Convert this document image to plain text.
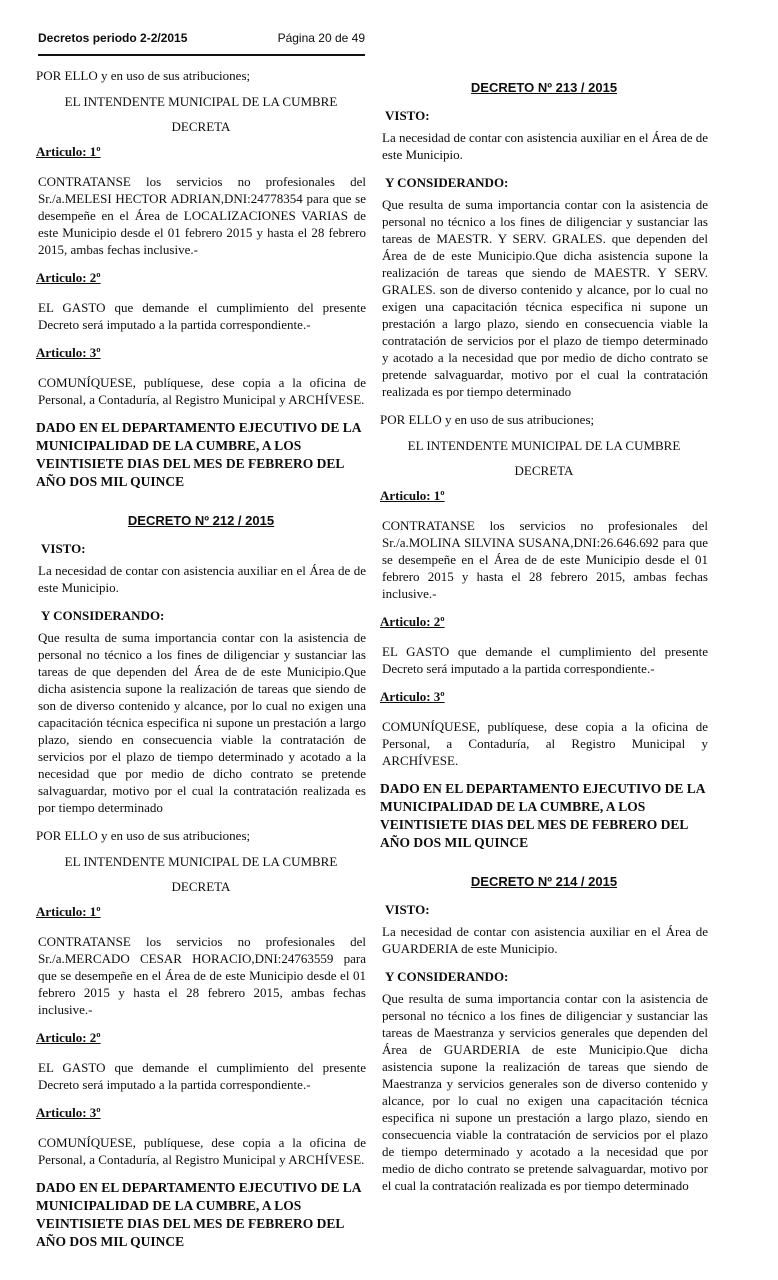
Decretos periodo 2-2/2015	Página 20 de 49
POR ELLO y en uso de sus atribuciones;
EL INTENDENTE MUNICIPAL DE LA CUMBRE
DECRETA
Articulo: 1º
CONTRATANSE los servicios no profesionales del Sr./a.MELESI HECTOR ADRIAN,DNI:24778354 para que se desempeñe en el Área de LOCALIZACIONES VARIAS de este Municipio desde el 01 febrero 2015 y hasta el 28 febrero 2015, ambas fechas inclusive.-
Articulo: 2º
EL GASTO que demande el cumplimiento del presente Decreto será imputado a la partida correspondiente.-
Articulo: 3º
COMUNÍQUESE, publíquese, dese copia a la oficina de Personal, a Contaduría, al Registro Municipal y ARCHÍVESE.
DADO EN EL DEPARTAMENTO EJECUTIVO DE LA MUNICIPALIDAD DE LA CUMBRE, A LOS VEINTISIETE DIAS DEL MES DE FEBRERO DEL AÑO DOS MIL QUINCE
DECRETO Nº 212 / 2015
VISTO:
La necesidad de contar con asistencia auxiliar en el Área de de este Municipio.
Y CONSIDERANDO:
Que resulta de suma importancia contar con la asistencia de personal no técnico a los fines de diligenciar y sustanciar las tareas de que dependen del Área de de este Municipio.Que dicha asistencia supone la realización de tareas que siendo de son de diverso contenido y alcance, por lo cual no exigen una capacitación técnica especifica ni supone un prestación a largo plazo, siendo en consecuencia viable la contratación de servicios por el plazo de tiempo determinado y acotado a la necesidad que por medio de dicho contrato se pretende salvaguardar, motivo por el cual la contratación realizada es por tiempo determinado
POR ELLO y en uso de sus atribuciones;
EL INTENDENTE MUNICIPAL DE LA CUMBRE
DECRETA
Articulo: 1º
CONTRATANSE los servicios no profesionales del Sr./a.MERCADO CESAR HORACIO,DNI:24763559 para que se desempeñe en el Área de de este Municipio desde el 01 febrero 2015 y hasta el 28 febrero 2015, ambas fechas inclusive.-
Articulo: 2º
EL GASTO que demande el cumplimiento del presente Decreto será imputado a la partida correspondiente.-
Articulo: 3º
COMUNÍQUESE, publíquese, dese copia a la oficina de Personal, a Contaduría, al Registro Municipal y ARCHÍVESE.
DADO EN EL DEPARTAMENTO EJECUTIVO DE LA MUNICIPALIDAD DE LA CUMBRE, A LOS VEINTISIETE DIAS DEL MES DE FEBRERO DEL AÑO DOS MIL QUINCE
DECRETO Nº 213 / 2015
VISTO:
La necesidad de contar con asistencia auxiliar en el Área de de este Municipio.
Y CONSIDERANDO:
Que resulta de suma importancia contar con la asistencia de personal no técnico a los fines de diligenciar y sustanciar las tareas de MAESTR. Y SERV. GRALES. que dependen del Área de de este Municipio.Que dicha asistencia supone la realización de tareas que siendo de MAESTR. Y SERV. GRALES. son de diverso contenido y alcance, por lo cual no exigen una capacitación técnica especifica ni supone un prestación a largo plazo, siendo en consecuencia viable la contratación de servicios por el plazo de tiempo determinado y acotado a la necesidad que por medio de dicho contrato se pretende salvaguardar, motivo por el cual la contratación realizada es por tiempo determinado
POR ELLO y en uso de sus atribuciones;
EL INTENDENTE MUNICIPAL DE LA CUMBRE
DECRETA
Articulo: 1º
CONTRATANSE los servicios no profesionales del Sr./a.MOLINA SILVINA SUSANA,DNI:26.646.692 para que se desempeñe en el Área de de este Municipio desde el 01 febrero 2015 y hasta el 28 febrero 2015, ambas fechas inclusive.-
Articulo: 2º
EL GASTO que demande el cumplimiento del presente Decreto será imputado a la partida correspondiente.-
Articulo: 3º
COMUNÍQUESE, publíquese, dese copia a la oficina de Personal, a Contaduría, al Registro Municipal y ARCHÍVESE.
DADO EN EL DEPARTAMENTO EJECUTIVO DE LA MUNICIPALIDAD DE LA CUMBRE, A LOS VEINTISIETE DIAS DEL MES DE FEBRERO DEL AÑO DOS MIL QUINCE
DECRETO Nº 214 / 2015
VISTO:
La necesidad de contar con asistencia auxiliar en el Área de GUARDERIA de este Municipio.
Y CONSIDERANDO:
Que resulta de suma importancia contar con la asistencia de personal no técnico a los fines de diligenciar y sustanciar las tareas de Maestranza y servicios generales que dependen del Área de GUARDERIA de este Municipio.Que dicha asistencia supone la realización de tareas que siendo de Maestranza y servicios generales son de diverso contenido y alcance, por lo cual no exigen una capacitación técnica especifica ni supone un prestación a largo plazo, siendo en consecuencia viable la contratación de servicios por el plazo de tiempo determinado y acotado a la necesidad que por medio de dicho contrato se pretende salvaguardar, motivo por el cual la contratación realizada es por tiempo determinado
